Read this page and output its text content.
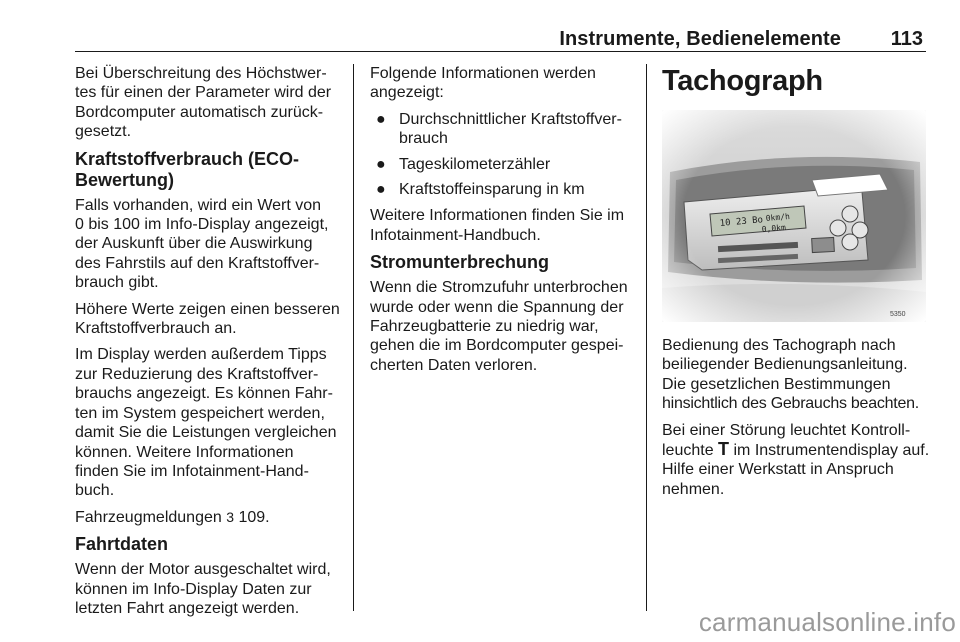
Instrumente, Bedienelemente 113

Bei Überschreitung des Höchstwer-
tes für einen der Parameter wird der
Bordcomputer automatisch zurück-
gesetzt.

Kraftstoffverbrauch (ECO-
Bewertung)

Falls vorhanden, wird ein Wert von
0 bis 100 im Info-Display angezeigt,
der Auskunft über die Auswirkung
des Fahrstils auf den Kraftstoffver-
brauch gibt.

Höhere Werte zeigen einen besseren
Kraftstoffverbrauch an.

Im Display werden außerdem Tipps
zur Reduzierung des Kraftstoffver-
brauchs angezeigt. Es können Fahr-
ten im System gespeichert werden,
damit Sie die Leistungen vergleichen
können. Weitere Informationen
finden Sie im Infotainment-Hand-
buch.

Fahrzeugmeldungen 3 109.

Fahrtdaten

Wenn der Motor ausgeschaltet wird,
können im Info-Display Daten zur
letzten Fahrt angezeigt werden.

Folgende Informationen werden
angezeigt:

● Durchschnittlicher Kraftstoffver-
brauch
● Tageskilometerzähler
● Kraftstoffeinsparung in km

Weitere Informationen finden Sie im
Infotainment-Handbuch.

Stromunterbrechung

Wenn die Stromzufuhr unterbrochen
wurde oder wenn die Spannung der
Fahrzeugbatterie zu niedrig war,
gehen die im Bordcomputer gespei-
cherten Daten verloren.

Tachograph
10 23 Bo 0km/h
0,0km
5350

Bedienung des Tachograph nach
beiliegender Bedienungsanleitung.
Die gesetzlichen Bestimmungen
hinsichtlich des Gebrauchs beachten.

Bei einer Störung leuchtet Kontroll-
leuchte T im Instrumentendisplay auf.
Hilfe einer Werkstatt in Anspruch
nehmen.

carmanualsonline.info
